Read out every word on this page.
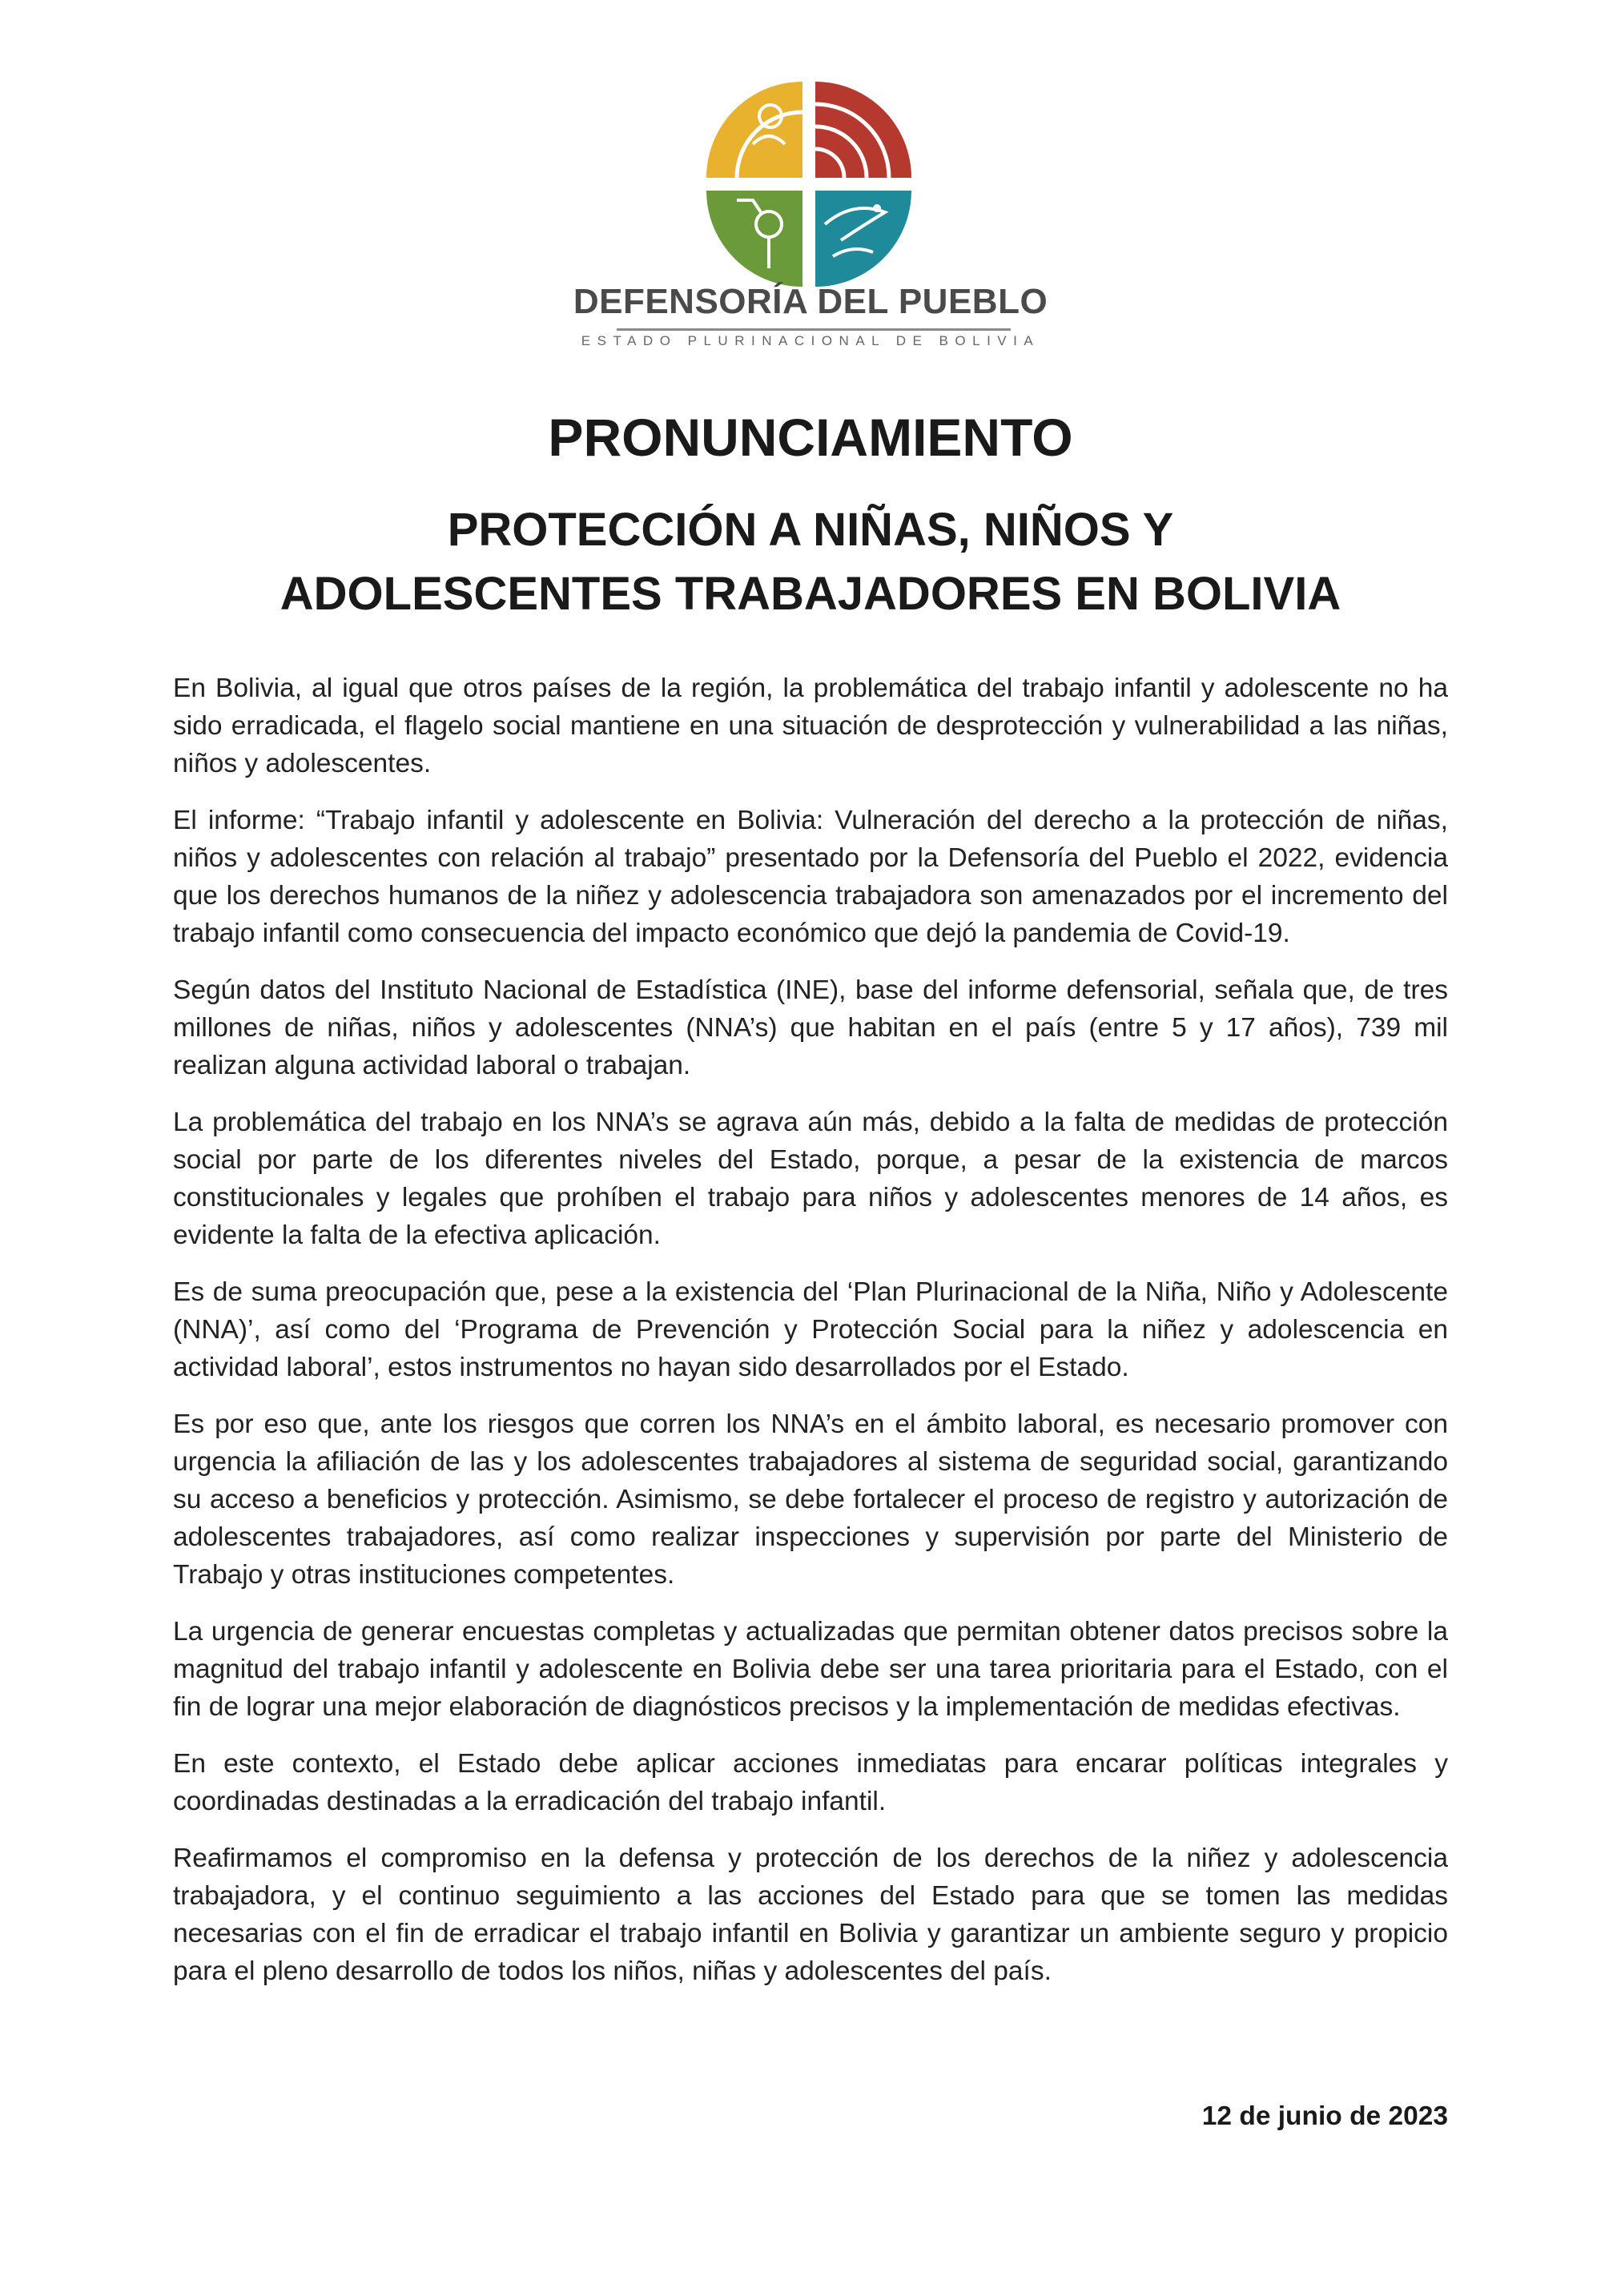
DEFENSORÍA DEL PUEBLO
ESTADO PLURINACIONAL DE BOLIVIA
PRONUNCIAMIENTO
PROTECCIÓN A NIÑAS, NIÑOS Y
ADOLESCENTES TRABAJADORES EN BOLIVIA

En Bolivia, al igual que otros países de la región, la problemática del trabajo infantil y adolescente no ha sido erradicada, el flagelo social mantiene en una situación de desprotección y vulnerabilidad a las niñas, niños y adolescentes.

El informe: “Trabajo infantil y adolescente en Bolivia: Vulneración del derecho a la protección de niñas, niños y adolescentes con relación al trabajo” presentado por la Defensoría del Pueblo el 2022, evidencia que los derechos humanos de la niñez y adolescencia trabajadora son amenazados por el incremento del trabajo infantil como consecuencia del impacto económico que dejó la pandemia de Covid-19.

Según datos del Instituto Nacional de Estadística (INE), base del informe defensorial, señala que, de tres millones de niñas, niños y adolescentes (NNA’s) que habitan en el país (entre 5 y 17 años), 739 mil realizan alguna actividad laboral o trabajan.

La problemática del trabajo en los NNA’s se agrava aún más, debido a la falta de medidas de protección social por parte de los diferentes niveles del Estado, porque, a pesar de la existencia de marcos constitucionales y legales que prohíben el trabajo para niños y adolescentes menores de 14 años, es evidente la falta de la efectiva aplicación.

Es de suma preocupación que, pese a la existencia del ‘Plan Plurinacional de la Niña, Niño y Adolescente (NNA)’, así como del ‘Programa de Prevención y Protección Social para la niñez y adolescencia en actividad laboral’, estos instrumentos no hayan sido desarrollados por el Estado.

Es por eso que, ante los riesgos que corren los NNA’s en el ámbito laboral, es necesario promover con urgencia la afiliación de las y los adolescentes trabajadores al sistema de seguridad social, garantizando su acceso a beneficios y protección. Asimismo, se debe fortalecer el proceso de registro y autorización de adolescentes trabajadores, así como realizar inspecciones y supervisión por parte del Ministerio de Trabajo y otras instituciones competentes.

La urgencia de generar encuestas completas y actualizadas que permitan obtener datos precisos sobre la magnitud del trabajo infantil y adolescente en Bolivia debe ser una tarea prioritaria para el Estado, con el fin de lograr una mejor elaboración de diagnósticos precisos y la implementación de medidas efectivas.

En este contexto, el Estado debe aplicar acciones inmediatas para encarar políticas integrales y coordinadas destinadas a la erradicación del trabajo infantil.

Reafirmamos el compromiso en la defensa y protección de los derechos de la niñez y adolescencia trabajadora, y el continuo seguimiento a las acciones del Estado para que se tomen las medidas necesarias con el fin de erradicar el trabajo infantil en Bolivia y garantizar un ambiente seguro y propicio para el pleno desarrollo de todos los niños, niñas y adolescentes del país.

12 de junio de 2023
